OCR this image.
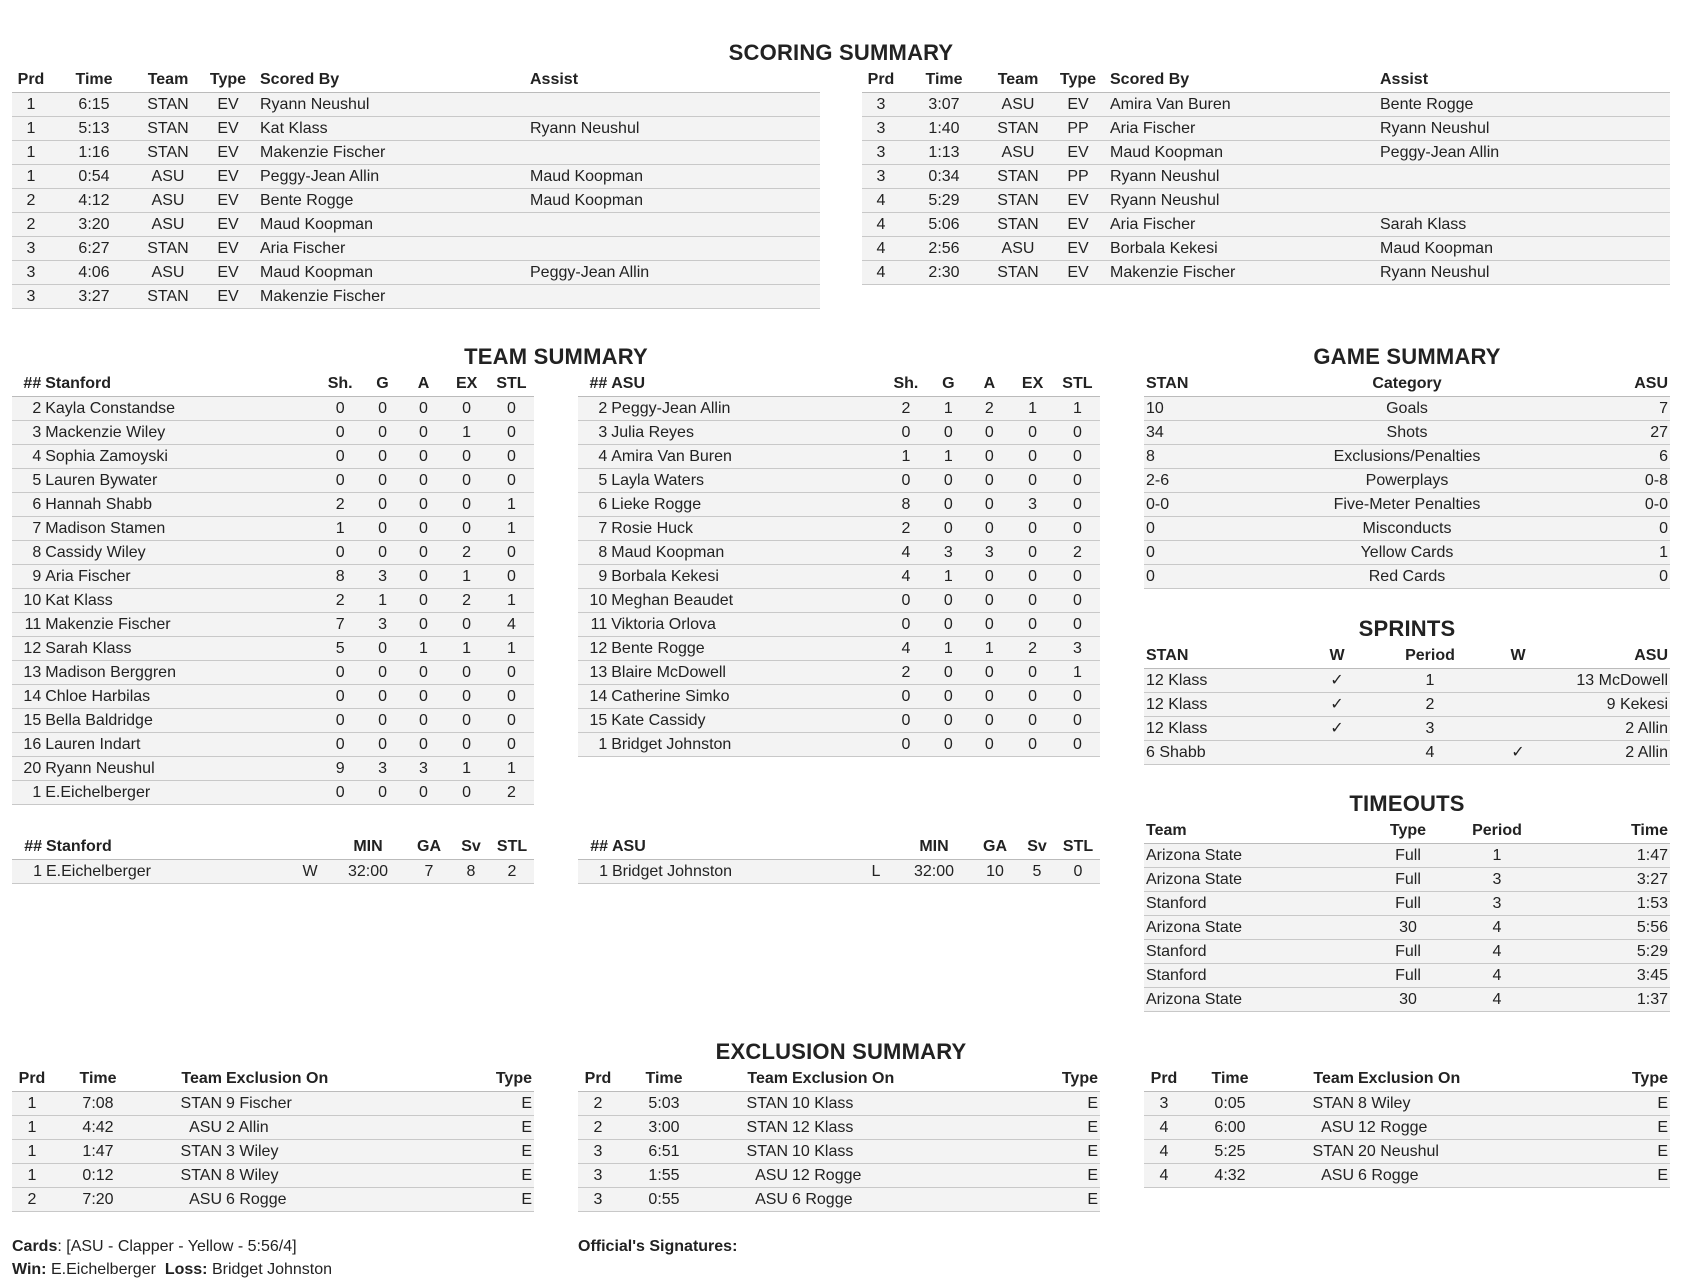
SCORING SUMMARY
Prd	Time	Team	Type	Scored By	Assist
1	6:15	STAN	EV	Ryann Neushul	
1	5:13	STAN	EV	Kat Klass	Ryann Neushul
1	1:16	STAN	EV	Makenzie Fischer	
1	0:54	ASU	EV	Peggy-Jean Allin	Maud Koopman
2	4:12	ASU	EV	Bente Rogge	Maud Koopman
2	3:20	ASU	EV	Maud Koopman	
3	6:27	STAN	EV	Aria Fischer	
3	4:06	ASU	EV	Maud Koopman	Peggy-Jean Allin
3	3:27	STAN	EV	Makenzie Fischer	
Prd	Time	Team	Type	Scored By	Assist
3	3:07	ASU	EV	Amira Van Buren	Bente Rogge
3	1:40	STAN	PP	Aria Fischer	Ryann Neushul
3	1:13	ASU	EV	Maud Koopman	Peggy-Jean Allin
3	0:34	STAN	PP	Ryann Neushul	
4	5:29	STAN	EV	Ryann Neushul	
4	5:06	STAN	EV	Aria Fischer	Sarah Klass
4	2:56	ASU	EV	Borbala Kekesi	Maud Koopman
4	2:30	STAN	EV	Makenzie Fischer	Ryann Neushul
TEAM SUMMARY
##	Stanford	Sh.	G	A	EX	STL
2	Kayla Constandse	0	0	0	0	0
3	Mackenzie Wiley	0	0	0	1	0
4	Sophia Zamoyski	0	0	0	0	0
5	Lauren Bywater	0	0	0	0	0
6	Hannah Shabb	2	0	0	0	1
7	Madison Stamen	1	0	0	0	1
8	Cassidy Wiley	0	0	0	2	0
9	Aria Fischer	8	3	0	1	0
10	Kat Klass	2	1	0	2	1
11	Makenzie Fischer	7	3	0	0	4
12	Sarah Klass	5	0	1	1	1
13	Madison Berggren	0	0	0	0	0
14	Chloe Harbilas	0	0	0	0	0
15	Bella Baldridge	0	0	0	0	0
16	Lauren Indart	0	0	0	0	0
20	Ryann Neushul	9	3	3	1	1
1	E.Eichelberger	0	0	0	0	2
##	ASU	Sh.	G	A	EX	STL
2	Peggy-Jean Allin	2	1	2	1	1
3	Julia Reyes	0	0	0	0	0
4	Amira Van Buren	1	1	0	0	0
5	Layla Waters	0	0	0	0	0
6	Lieke Rogge	8	0	0	3	0
7	Rosie Huck	2	0	0	0	0
8	Maud Koopman	4	3	3	0	2
9	Borbala Kekesi	4	1	0	0	0
10	Meghan Beaudet	0	0	0	0	0
11	Viktoria Orlova	0	0	0	0	0
12	Bente Rogge	4	1	1	2	3
13	Blaire McDowell	2	0	0	0	1
14	Catherine Simko	0	0	0	0	0
15	Kate Cassidy	0	0	0	0	0
1	Bridget Johnston	0	0	0	0	0
##	Stanford		MIN	GA	Sv	STL
1	E.Eichelberger	W	32:00	7	8	2
##	ASU		MIN	GA	Sv	STL
1	Bridget Johnston	L	32:00	10	5	0
GAME SUMMARY
STAN	Category	ASU
10	Goals	7
34	Shots	27
8	Exclusions/Penalties	6
2-6	Powerplays	0-8
0-0	Five-Meter Penalties	0-0
0	Misconducts	0
0	Yellow Cards	1
0	Red Cards	0
SPRINTS
STAN	W	Period	W	ASU
12 Klass	✓	1		13 McDowell
12 Klass	✓	2		9 Kekesi
12 Klass	✓	3		2 Allin
6 Shabb		4	✓	2 Allin
TIMEOUTS
Team	Type	Period	Time
Arizona State	Full	1	1:47
Arizona State	Full	3	3:27
Stanford	Full	3	1:53
Arizona State	30	4	5:56
Stanford	Full	4	5:29
Stanford	Full	4	3:45
Arizona State	30	4	1:37
EXCLUSION SUMMARY
Prd	Time	Team	Exclusion On	Type
1	7:08	STAN	9 Fischer	E
1	4:42	ASU	2 Allin	E
1	1:47	STAN	3 Wiley	E
1	0:12	STAN	8 Wiley	E
2	7:20	ASU	6 Rogge	E
Prd	Time	Team	Exclusion On	Type
2	5:03	STAN	10 Klass	E
2	3:00	STAN	12 Klass	E
3	6:51	STAN	10 Klass	E
3	1:55	ASU	12 Rogge	E
3	0:55	ASU	6 Rogge	E
Prd	Time	Team	Exclusion On	Type
3	0:05	STAN	8 Wiley	E
4	6:00	ASU	12 Rogge	E
4	5:25	STAN	20 Neushul	E
4	4:32	ASU	6 Rogge	E
Cards: [ASU - Clapper - Yellow - 5:56/4]
Win: E.Eichelberger Loss: Bridget Johnston
Official's Signatures:
